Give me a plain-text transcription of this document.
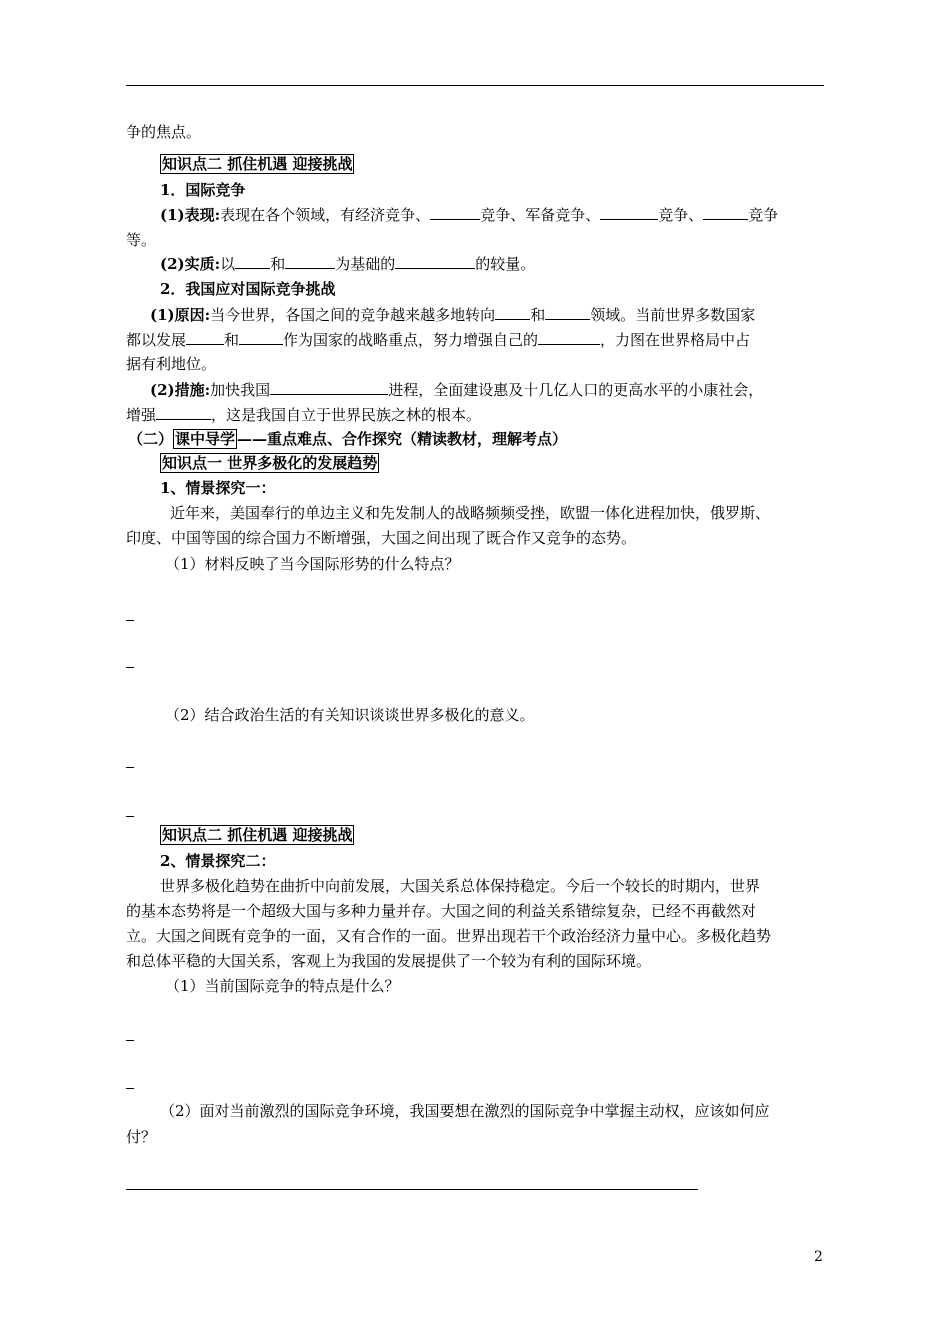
争的焦点。
知识点二 抓住机遇 迎接挑战
1．国际竞争
(1)表现:表现在各个领域，有经济竞争、	竞争、军备竞争、	竞争、	竞争
等。
(2)实质:以 和	为基础的	的较量。
2．我国应对国际竞争挑战
(1)原因:当今世界，各国之间的竞争越来越多地转向 和	领域。当前世界多数国家
都以发展	和	作为国家的战略重点，努力增强自己的	，力图在世界格局中占
据有利地位。
(2)措施:加快我国	进程，全面建设惠及十几亿人口的更高水平的小康社会，
增强	，这是我国自立于世界民族之林的根本。
（二） 课中导学 ——重点难点、合作探究（精读教材，理解考点）
知识点一 世界多极化的发展趋势
1、情景探究一：
近年来，美国奉行的单边主义和先发制人的战略频频受挫，欧盟一体化进程加快，俄罗斯、
印度、中国等国的综合国力不断增强，大国之间出现了既合作又竞争的态势。
（1）材料反映了当今国际形势的什么特点？
（2）结合政治生活的有关知识谈谈世界多极化的意义。
知识点二 抓住机遇 迎接挑战
2、情景探究二：
世界多极化趋势在曲折中向前发展，大国关系总体保持稳定。今后一个较长的时期内，世界
的基本态势将是一个超级大国与多种力量并存。大国之间的利益关系错综复杂，已经不再截然对
立。大国之间既有竞争的一面，又有合作的一面。世界出现若干个政治经济力量中心。多极化趋势
和总体平稳的大国关系，客观上为我国的发展提供了一个较为有利的国际环境。
（1）当前国际竞争的特点是什么？
（2）面对当前激烈的国际竞争环境，我国要想在激烈的国际竞争中掌握主动权，应该如何应
付？
2
